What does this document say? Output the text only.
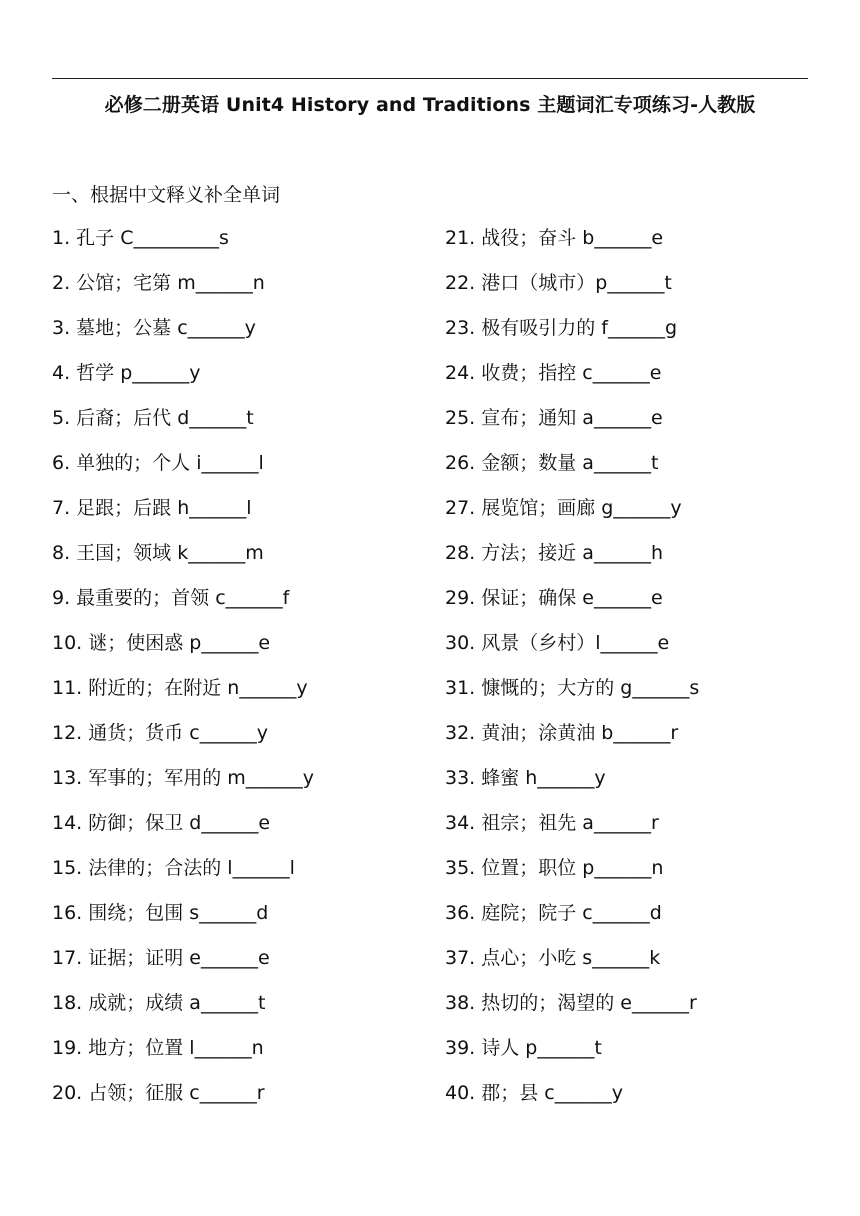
必修二册英语 Unit4 History and Traditions 主题词汇专项练习-人教版
一、根据中文释义补全单词
1. 孔子 C_________s
2. 公馆；宅第 m______n
3. 墓地；公墓 c______y
4. 哲学 p______y
5. 后裔；后代 d______t
6. 单独的；个人 i______l
7. 足跟；后跟 h______l
8. 王国；领域 k______m
9. 最重要的；首领 c______f
10. 谜；使困惑 p______e
11. 附近的；在附近 n______y
12. 通货；货币 c______y
13. 军事的；军用的 m______y
14. 防御；保卫 d______e
15. 法律的；合法的 l______l
16. 围绕；包围 s______d
17. 证据；证明 e______e
18. 成就；成绩 a______t
19. 地方；位置 l______n
20. 占领；征服 c______r
21. 战役；奋斗 b______e
22. 港口（城市）p______t
23. 极有吸引力的 f______g
24. 收费；指控 c______e
25. 宣布；通知 a______e
26. 金额；数量 a______t
27. 展览馆；画廊 g______y
28. 方法；接近 a______h
29. 保证；确保 e______e
30. 风景（乡村）l______e
31. 慷慨的；大方的 g______s
32. 黄油；涂黄油 b______r
33. 蜂蜜 h______y
34. 祖宗；祖先 a______r
35. 位置；职位 p______n
36. 庭院；院子 c______d
37. 点心；小吃 s______k
38. 热切的；渴望的 e______r
39. 诗人 p______t
40. 郡；县 c______y
